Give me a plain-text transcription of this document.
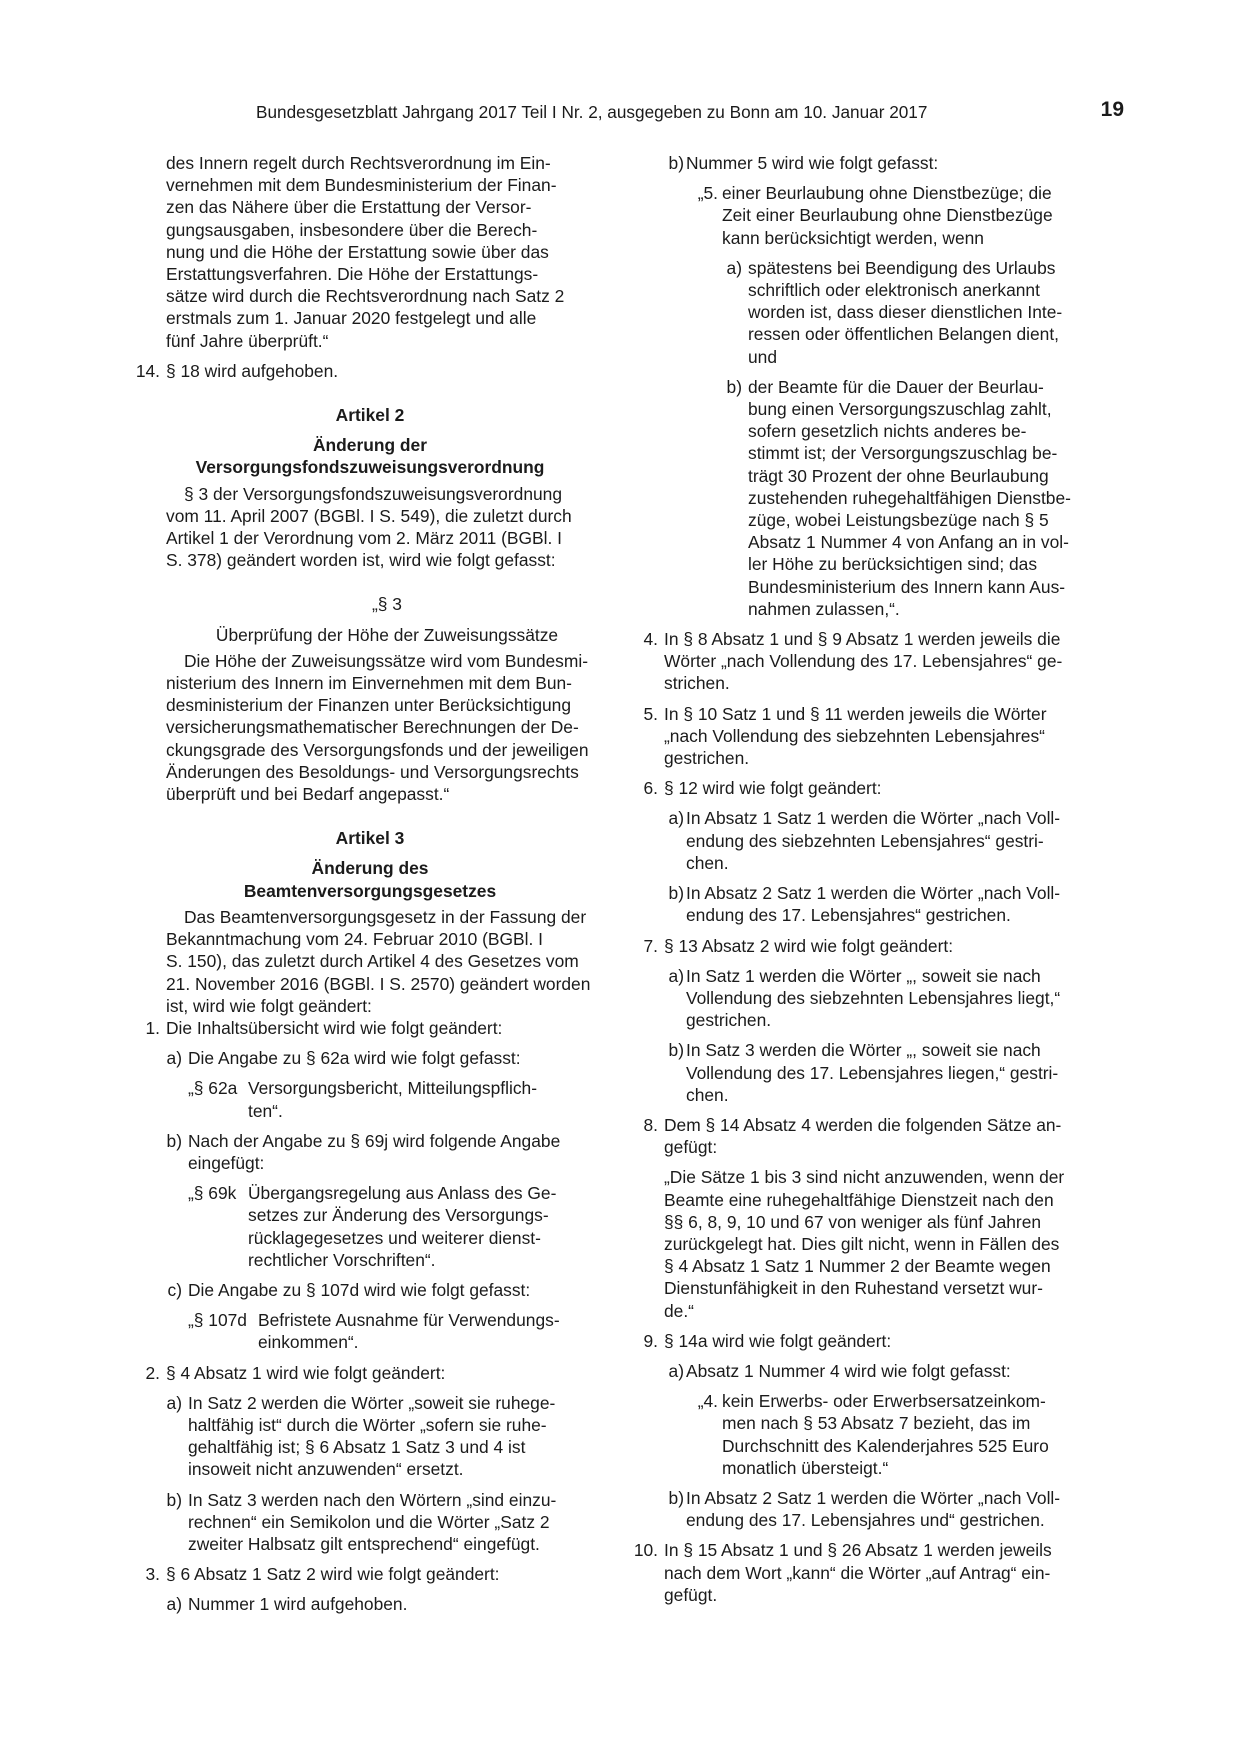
Bundesgesetzblatt Jahrgang 2017 Teil I Nr. 2, ausgegeben zu Bonn am 10. Januar 2017	19

des Innern regelt durch Rechtsverordnung im Ein-

vernehmen mit dem Bundesministerium der Finan-

zen das Nähere über die Erstattung der Versor-

gungsausgaben, insbesondere über die Berech-

nung und die Höhe der Erstattung sowie über das

Erstattungsverfahren. Die Höhe der Erstattungs-

sätze wird durch die Rechtsverordnung nach Satz 2

erstmals zum 1. Januar 2020 festgelegt und alle

fünf Jahre überprüft.“

14. § 18 wird aufgehoben.

Artikel 2

Änderung der

Versorgungsfondszuweisungsverordnung

§ 3 der Versorgungsfondszuweisungsverordnung

vom 11. April 2007 (BGBl. I S. 549), die zuletzt durch

Artikel 1 der Verordnung vom 2. März 2011 (BGBl. I

S. 378) geändert worden ist, wird wie folgt gefasst:

„§ 3

Überprüfung der Höhe der Zuweisungssätze

Die Höhe der Zuweisungssätze wird vom Bundesmi-

nisterium des Innern im Einvernehmen mit dem Bun-

desministerium der Finanzen unter Berücksichtigung

versicherungsmathematischer Berechnungen der De-

ckungsgrade des Versorgungsfonds und der jeweiligen

Änderungen des Besoldungs- und Versorgungsrechts

überprüft und bei Bedarf angepasst.“

Artikel 3

Änderung des

Beamtenversorgungsgesetzes

Das Beamtenversorgungsgesetz in der Fassung der

Bekanntmachung vom 24. Februar 2010 (BGBl. I

S. 150), das zuletzt durch Artikel 4 des Gesetzes vom

21. November 2016 (BGBl. I S. 2570) geändert worden

ist, wird wie folgt geändert:

1. Die Inhaltsübersicht wird wie folgt geändert:

a) Die Angabe zu § 62a wird wie folgt gefasst:

„§ 62a Versorgungsbericht, Mitteilungspflich-

ten“.

b) Nach der Angabe zu § 69j wird folgende Angabe

eingefügt:

„§ 69k Übergangsregelung aus Anlass des Ge-

setzes zur Änderung des Versorgungs-

rücklagegesetzes und weiterer dienst-

rechtlicher Vorschriften“.

c) Die Angabe zu § 107d wird wie folgt gefasst:

„§ 107d Befristete Ausnahme für Verwendungs-

einkommen“.

2. § 4 Absatz 1 wird wie folgt geändert:

a) In Satz 2 werden die Wörter „soweit sie ruhege-

haltfähig ist“ durch die Wörter „sofern sie ruhe-

gehaltfähig ist; § 6 Absatz 1 Satz 3 und 4 ist

insoweit nicht anzuwenden“ ersetzt.

b) In Satz 3 werden nach den Wörtern „sind einzu-

rechnen“ ein Semikolon und die Wörter „Satz 2

zweiter Halbsatz gilt entsprechend“ eingefügt.

3. § 6 Absatz 1 Satz 2 wird wie folgt geändert:

a) Nummer 1 wird aufgehoben.

b) Nummer 5 wird wie folgt gefasst:

„5. einer Beurlaubung ohne Dienstbezüge; die

Zeit einer Beurlaubung ohne Dienstbezüge

kann berücksichtigt werden, wenn

a) spätestens bei Beendigung des Urlaubs

schriftlich oder elektronisch anerkannt

worden ist, dass dieser dienstlichen Inte-

ressen oder öffentlichen Belangen dient,

und

b) der Beamte für die Dauer der Beurlau-

bung einen Versorgungszuschlag zahlt,

sofern gesetzlich nichts anderes be-

stimmt ist; der Versorgungszuschlag be-

trägt 30 Prozent der ohne Beurlaubung

zustehenden ruhegehaltfähigen Dienstbe-

züge, wobei Leistungsbezüge nach § 5

Absatz 1 Nummer 4 von Anfang an in vol-

ler Höhe zu berücksichtigen sind; das

Bundesministerium des Innern kann Aus-

nahmen zulassen,“.

4. In § 8 Absatz 1 und § 9 Absatz 1 werden jeweils die

Wörter „nach Vollendung des 17. Lebensjahres“ ge-

strichen.

5. In § 10 Satz 1 und § 11 werden jeweils die Wörter

„nach Vollendung des siebzehnten Lebensjahres“

gestrichen.

6. § 12 wird wie folgt geändert:

a) In Absatz 1 Satz 1 werden die Wörter „nach Voll-

endung des siebzehnten Lebensjahres“ gestri-

chen.

b) In Absatz 2 Satz 1 werden die Wörter „nach Voll-

endung des 17. Lebensjahres“ gestrichen.

7. § 13 Absatz 2 wird wie folgt geändert:

a) In Satz 1 werden die Wörter „, soweit sie nach

Vollendung des siebzehnten Lebensjahres liegt,“

gestrichen.

b) In Satz 3 werden die Wörter „, soweit sie nach

Vollendung des 17. Lebensjahres liegen,“ gestri-

chen.

8. Dem § 14 Absatz 4 werden die folgenden Sätze an-

gefügt:

„Die Sätze 1 bis 3 sind nicht anzuwenden, wenn der

Beamte eine ruhegehaltfähige Dienstzeit nach den

§§ 6, 8, 9, 10 und 67 von weniger als fünf Jahren

zurückgelegt hat. Dies gilt nicht, wenn in Fällen des

§ 4 Absatz 1 Satz 1 Nummer 2 der Beamte wegen

Dienstunfähigkeit in den Ruhestand versetzt wur-

de.“

9. § 14a wird wie folgt geändert:

a) Absatz 1 Nummer 4 wird wie folgt gefasst:

„4. kein Erwerbs- oder Erwerbsersatzeinkom-

men nach § 53 Absatz 7 bezieht, das im

Durchschnitt des Kalenderjahres 525 Euro

monatlich übersteigt.“

b) In Absatz 2 Satz 1 werden die Wörter „nach Voll-

endung des 17. Lebensjahres und“ gestrichen.

10. In § 15 Absatz 1 und § 26 Absatz 1 werden jeweils

nach dem Wort „kann“ die Wörter „auf Antrag“ ein-

gefügt.
